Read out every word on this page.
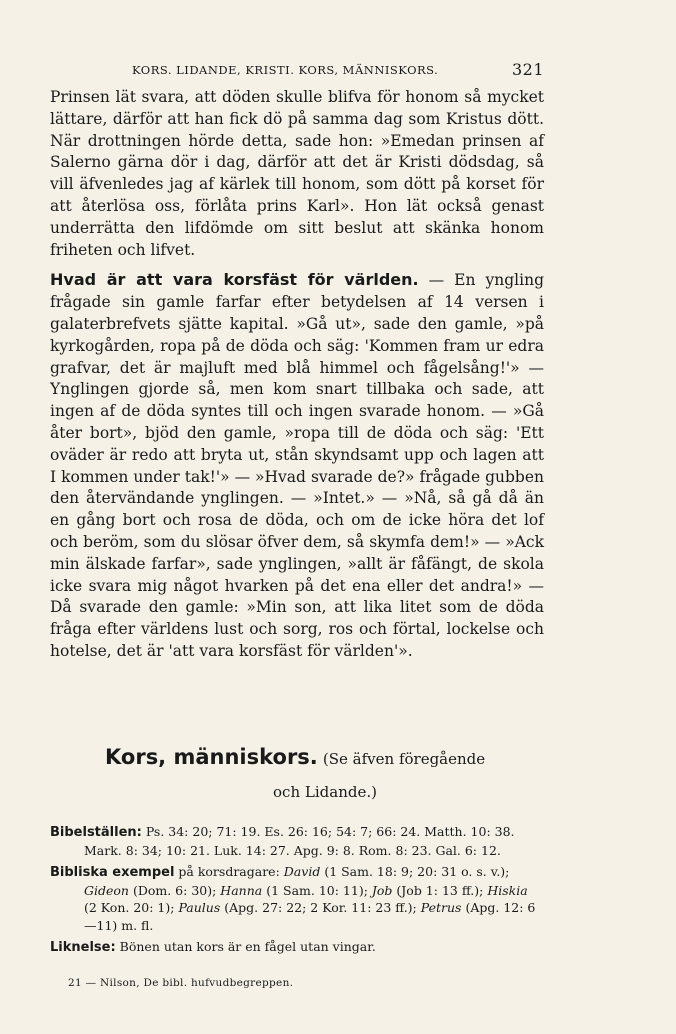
KORS. LIDANDE, KRISTI. KORS, MÄNNISKORS.	321

Prinsen lät svara, att döden skulle blifva för honom så mycket lättare, därför att han fick dö på samma dag som Kristus dött. När drottningen hörde detta, sade hon: »Emedan prinsen af Salerno gärna dör i dag, därför att det är Kristi dödsdag, så vill äfvenledes jag af kärlek till honom, som dött på korset för att återlösa oss, förlåta prins Karl». Hon lät också genast underrätta den lifdömde om sitt beslut att skänka honom friheten och lifvet.

Hvad är att vara korsfäst för världen. — En yngling frågade sin gamle farfar efter betydelsen af 14 versen i galaterbrefvets sjätte kapital. »Gå ut», sade den gamle, »på kyrkogården, ropa på de döda och säg: 'Kommen fram ur edra grafvar, det är majluft med blå himmel och fågelsång!'» — Ynglingen gjorde så, men kom snart tillbaka och sade, att ingen af de döda syntes till och ingen svarade honom. — »Gå åter bort», bjöd den gamle, »ropa till de döda och säg: 'Ett oväder är redo att bryta ut, stån skyndsamt upp och lagen att I kommen under tak!'» — »Hvad svarade de?» frågade gubben den återvändande ynglingen. — »Intet.» — »Nå, så gå då än en gång bort och rosa de döda, och om de icke höra det lof och beröm, som du slösar öfver dem, så skymfa dem!» — »Ack min älskade farfar», sade ynglingen, »allt är fåfängt, de skola icke svara mig något hvarken på det ena eller det andra!» — Då svarade den gamle: »Min son, att lika litet som de döda fråga efter världens lust och sorg, ros och förtal, lockelse och hotelse, det är 'att vara korsfäst för världen'».

Kors, människors. (Se äfven föregående
och Lidande.)
Bibelställen: Ps. 34: 20; 71: 19. Es. 26: 16; 54: 7; 66: 24. Matth. 10: 38. Mark. 8: 34; 10: 21. Luk. 14: 27. Apg. 9: 8. Rom. 8: 23. Gal. 6: 12.
Bibliska exempel på korsdragare: David (1 Sam. 18: 9; 20: 31 o. s. v.); Gideon (Dom. 6: 30); Hanna (1 Sam. 10: 11); Job (Job 1: 13 ff.); Hiskia (2 Kon. 20: 1); Paulus (Apg. 27: 22; 2 Kor. 11: 23 ff.); Petrus (Apg. 12: 6—11) m. fl.
Liknelse: Bönen utan kors är en fågel utan vingar.
21 — Nilson, De bibl. hufvudbegreppen.
